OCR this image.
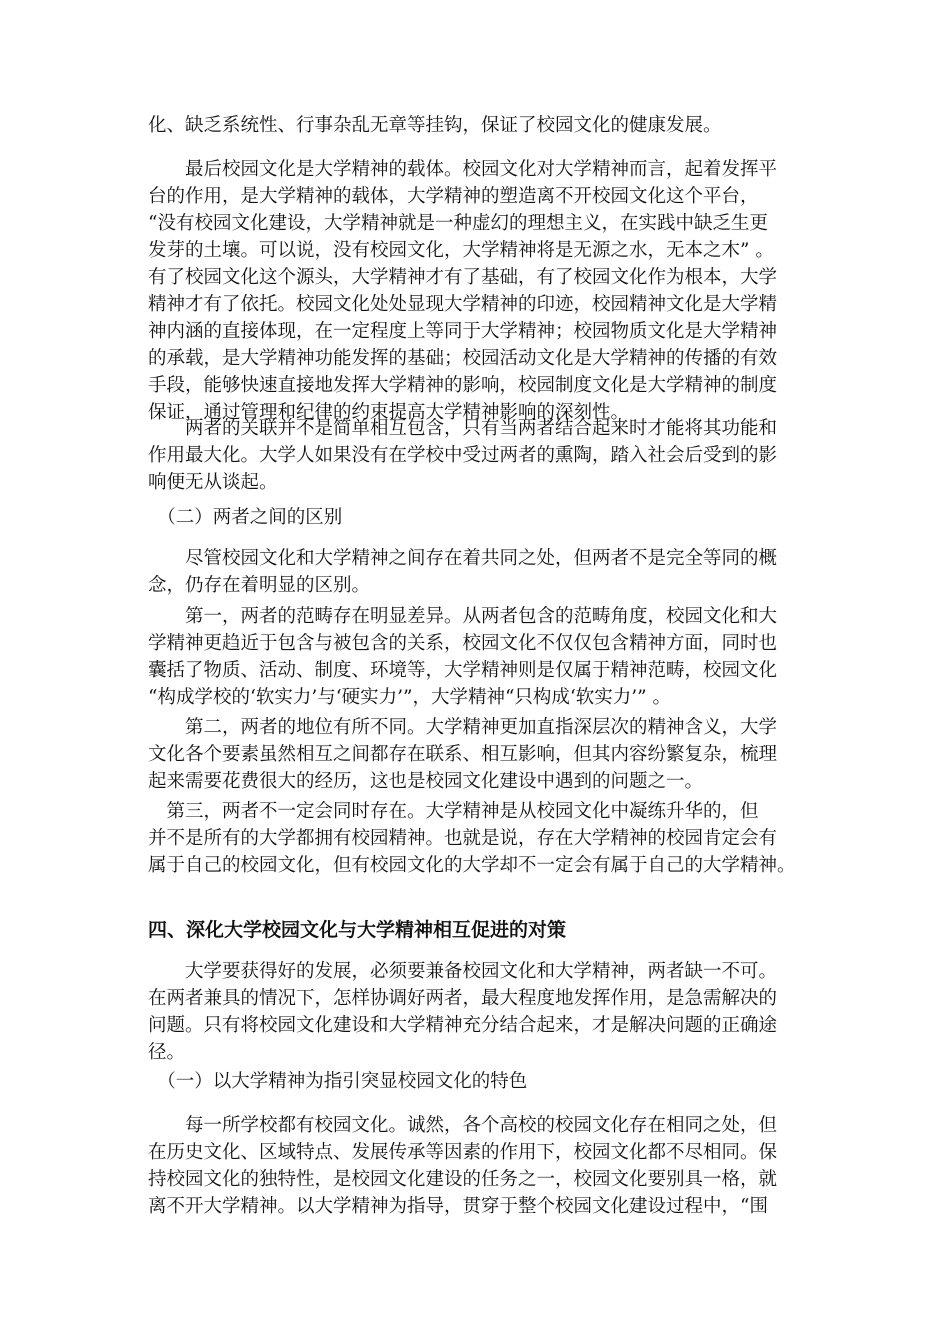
化、缺乏系统性、行事杂乱无章等挂钩，保证了校园文化的健康发展。

　　最后校园文化是大学精神的载体。校园文化对大学精神而言，起着发挥平
台的作用，是大学精神的载体，大学精神的塑造离不开校园文化这个平台，
“没有校园文化建设，大学精神就是一种虚幻的理想主义，在实践中缺乏生更
发芽的土壤。可以说，没有校园文化，大学精神将是无源之水，无本之木” 。
有了校园文化这个源头，大学精神才有了基础，有了校园文化作为根本，大学
精神才有了依托。校园文化处处显现大学精神的印迹，校园精神文化是大学精
神内涵的直接体现，在一定程度上等同于大学精神；校园物质文化是大学精神
的承载，是大学精神功能发挥的基础；校园活动文化是大学精神的传播的有效
手段，能够快速直接地发挥大学精神的影响，校园制度文化是大学精神的制度
保证，通过管理和纪律的约束提高大学精神影响的深刻性。

　　两者的关联并不是简单相互包含，只有当两者结合起来时才能将其功能和
作用最大化。大学人如果没有在学校中受过两者的熏陶，踏入社会后受到的影
响便无从谈起。

　（二）两者之间的区别

　　尽管校园文化和大学精神之间存在着共同之处，但两者不是完全等同的概
念，仍存在着明显的区别。

　　第一，两者的范畴存在明显差异。从两者包含的范畴角度，校园文化和大
学精神更趋近于包含与被包含的关系，校园文化不仅仅包含精神方面，同时也
囊括了物质、活动、制度、环境等，大学精神则是仅属于精神范畴，校园文化
“构成学校的‘软实力’与‘硬实力’”，大学精神“只构成‘软实力’” 。

　　第二，两者的地位有所不同。大学精神更加直指深层次的精神含义，大学
文化各个要素虽然相互之间都存在联系、相互影响，但其内容纷繁复杂，梳理
起来需要花费很大的经历，这也是校园文化建设中遇到的问题之一。

　第三，两者不一定会同时存在。大学精神是从校园文化中凝练升华的，但
并不是所有的大学都拥有校园精神。也就是说，存在大学精神的校园肯定会有
属于自己的校园文化，但有校园文化的大学却不一定会有属于自己的大学精神。

四、深化大学校园文化与大学精神相互促进的对策

　　大学要获得好的发展，必须要兼备校园文化和大学精神，两者缺一不可。
在两者兼具的情况下，怎样协调好两者，最大程度地发挥作用，是急需解决的
问题。只有将校园文化建设和大学精神充分结合起来，才是解决问题的正确途
径。

　（一）以大学精神为指引突显校园文化的特色

　　每一所学校都有校园文化。诚然，各个高校的校园文化存在相同之处，但
在历史文化、区域特点、发展传承等因素的作用下，校园文化都不尽相同。保
持校园文化的独特性，是校园文化建设的任务之一，校园文化要别具一格，就
离不开大学精神。以大学精神为指导，贯穿于整个校园文化建设过程中，“围
